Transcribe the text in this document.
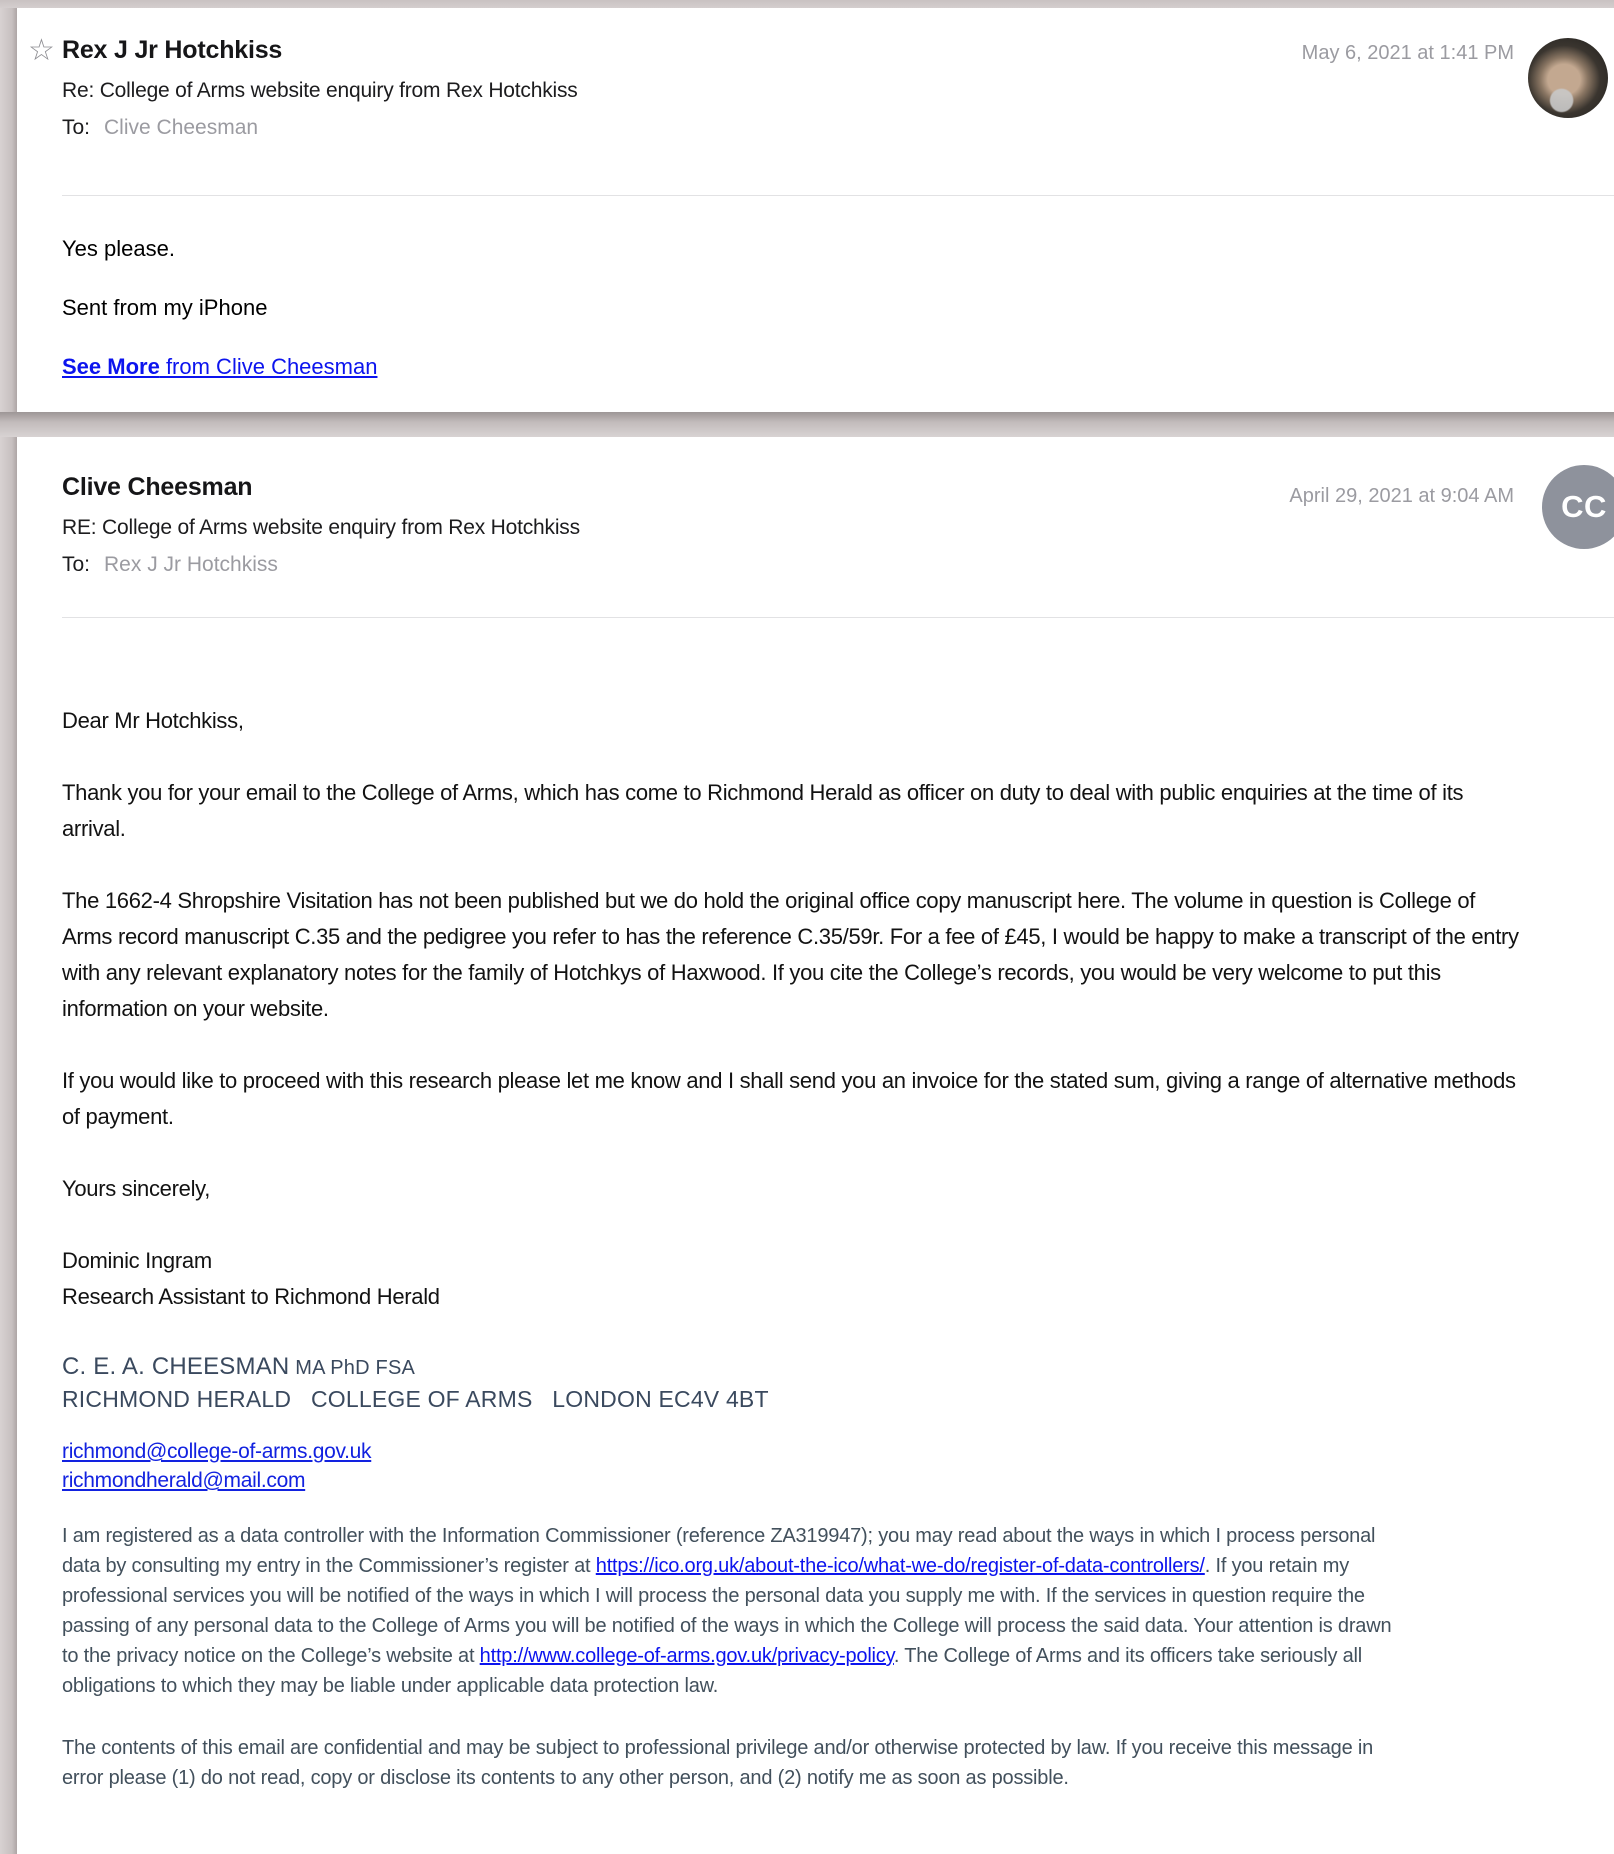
☆ Rex J Jr Hotchkiss
Re: College of Arms website enquiry from Rex Hotchkiss
To: Clive Cheesman
May 6, 2021 at 1:41 PM

Yes please.

Sent from my iPhone

See More from Clive Cheesman

Clive Cheesman
RE: College of Arms website enquiry from Rex Hotchkiss
To: Rex J Jr Hotchkiss
April 29, 2021 at 9:04 AM	CC

Dear Mr Hotchkiss,

Thank you for your email to the College of Arms, which has come to Richmond Herald as officer on duty to deal with public enquiries at the time of its arrival.

The 1662-4 Shropshire Visitation has not been published but we do hold the original office copy manuscript here. The volume in question is College of Arms record manuscript C.35 and the pedigree you refer to has the reference C.35/59r. For a fee of £45, I would be happy to make a transcript of the entry with any relevant explanatory notes for the family of Hotchkys of Haxwood. If you cite the College’s records, you would be very welcome to put this information on your website.

If you would like to proceed with this research please let me know and I shall send you an invoice for the stated sum, giving a range of alternative methods of payment.

Yours sincerely,

Dominic Ingram
Research Assistant to Richmond Herald
C. E. A. CHEESMAN MA PhD FSA
RICHMOND HERALD   COLLEGE OF ARMS   LONDON EC4V 4BT
richmond@college-of-arms.gov.uk
richmondherald@mail.com

I am registered as a data controller with the Information Commissioner (reference ZA319947); you may read about the ways in which I process personal data by consulting my entry in the Commissioner’s register at https://ico.org.uk/about-the-ico/what-we-do/register-of-data-controllers/. If you retain my professional services you will be notified of the ways in which I will process the personal data you supply me with. If the services in question require the passing of any personal data to the College of Arms you will be notified of the ways in which the College will process the said data. Your attention is drawn to the privacy notice on the College’s website at http://www.college-of-arms.gov.uk/privacy-policy. The College of Arms and its officers take seriously all obligations to which they may be liable under applicable data protection law.

The contents of this email are confidential and may be subject to professional privilege and/or otherwise protected by law. If you receive this message in error please (1) do not read, copy or disclose its contents to any other person, and (2) notify me as soon as possible.
